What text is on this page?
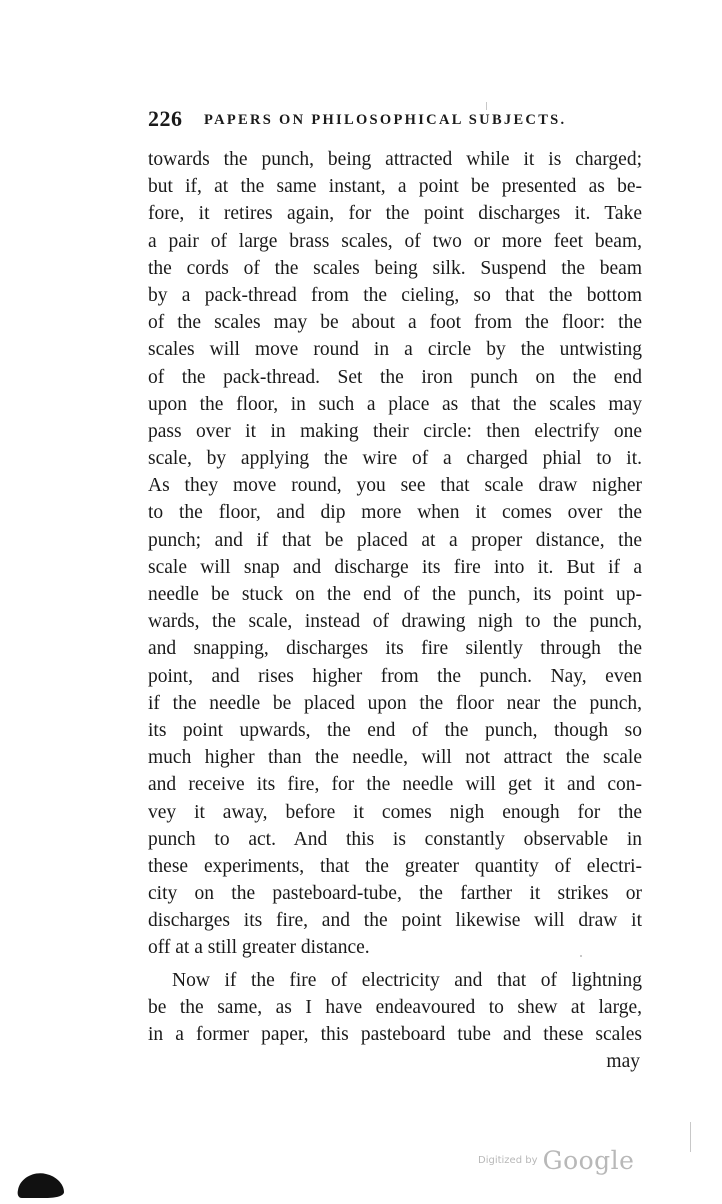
226 PAPERS ON PHILOSOPHICAL SUBJECTS.
towards the punch, being attracted while it is charged;
but if, at the same instant, a point be presented as be-
fore, it retires again, for the point discharges it. Take
a pair of large brass scales, of two or more feet beam,
the cords of the scales being silk. Suspend the beam
by a pack-thread from the cieling, so that the bottom
of the scales may be about a foot from the floor: the
scales will move round in a circle by the untwisting
of the pack-thread. Set the iron punch on the end
upon the floor, in such a place as that the scales may
pass over it in making their circle: then electrify one
scale, by applying the wire of a charged phial to it.
As they move round, you see that scale draw nigher
to the floor, and dip more when it comes over the
punch; and if that be placed at a proper distance, the
scale will snap and discharge its fire into it. But if a
needle be stuck on the end of the punch, its point up-
wards, the scale, instead of drawing nigh to the punch,
and snapping, discharges its fire silently through the
point, and rises higher from the punch. Nay, even
if the needle be placed upon the floor near the punch,
its point upwards, the end of the punch, though so
much higher than the needle, will not attract the scale
and receive its fire, for the needle will get it and con-
vey it away, before it comes nigh enough for the
punch to act. And this is constantly observable in
these experiments, that the greater quantity of electri-
city on the pasteboard-tube, the farther it strikes or
discharges its fire, and the point likewise will draw it
off at a still greater distance.
Now if the fire of electricity and that of lightning
be the same, as I have endeavoured to shew at large,
in a former paper, this pasteboard tube and these scales
may
Digitized by Google
